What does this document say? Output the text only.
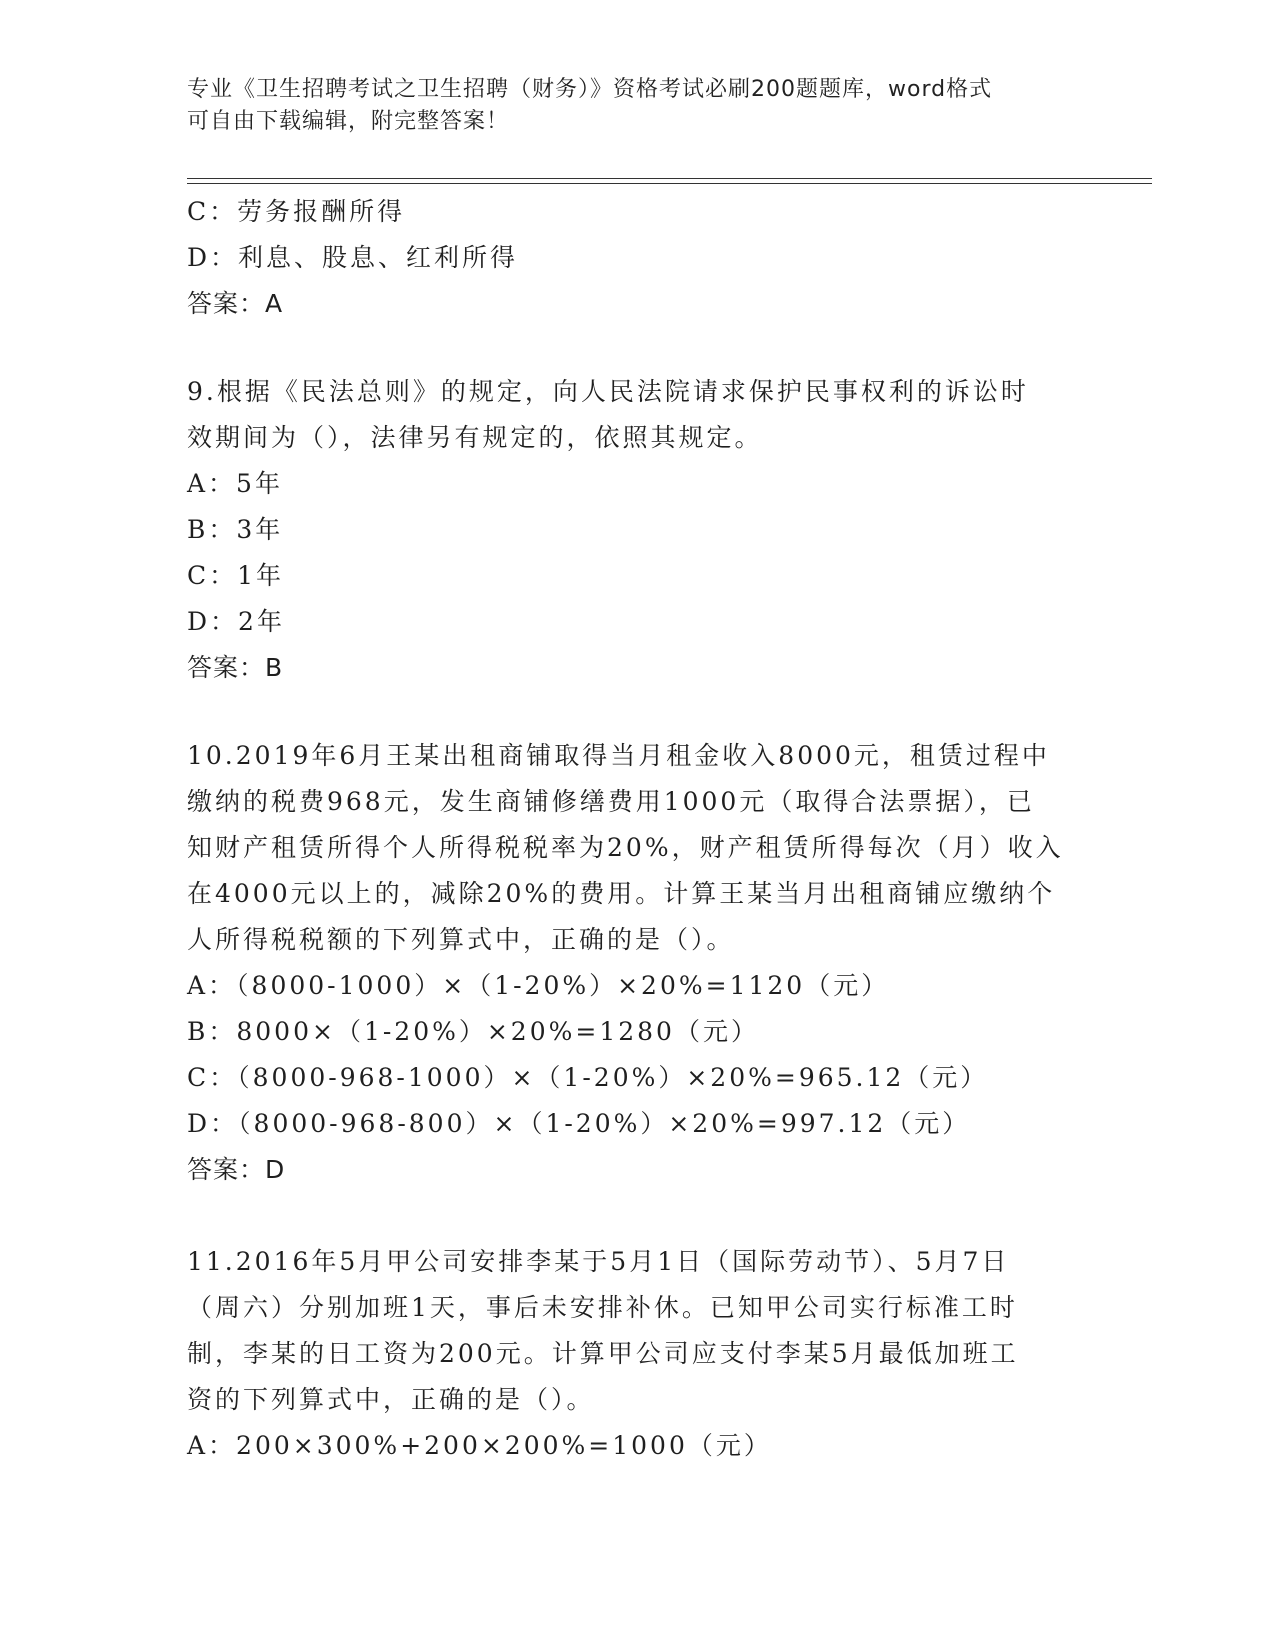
专业《卫生招聘考试之卫生招聘（财务）》资格考试必刷200题题库，word格式
可自由下载编辑，附完整答案！
C：劳务报酬所得
D：利息、股息、红利所得
答案：A
9.根据《民法总则》的规定，向人民法院请求保护民事权利的诉讼时
效期间为（），法律另有规定的，依照其规定。
A：5年
B：3年
C：1年
D：2年
答案：B
10.2019年6月王某出租商铺取得当月租金收入8000元，租赁过程中
缴纳的税费968元，发生商铺修缮费用1000元（取得合法票据），已
知财产租赁所得个人所得税税率为20%，财产租赁所得每次（月）收入
在4000元以上的，减除20%的费用。计算王某当月出租商铺应缴纳个
人所得税税额的下列算式中，正确的是（）。
A：（8000-1000）×（1-20%）×20%=1120（元）
B：8000×（1-20%）×20%=1280（元）
C：（8000-968-1000）×（1-20%）×20%=965.12（元）
D：（8000-968-800）×（1-20%）×20%=997.12（元）
答案：D
11.2016年5月甲公司安排李某于5月1日（国际劳动节）、5月7日
（周六）分别加班1天，事后未安排补休。已知甲公司实行标准工时
制，李某的日工资为200元。计算甲公司应支付李某5月最低加班工
资的下列算式中，正确的是（）。
A：200×300%+200×200%=1000（元）
